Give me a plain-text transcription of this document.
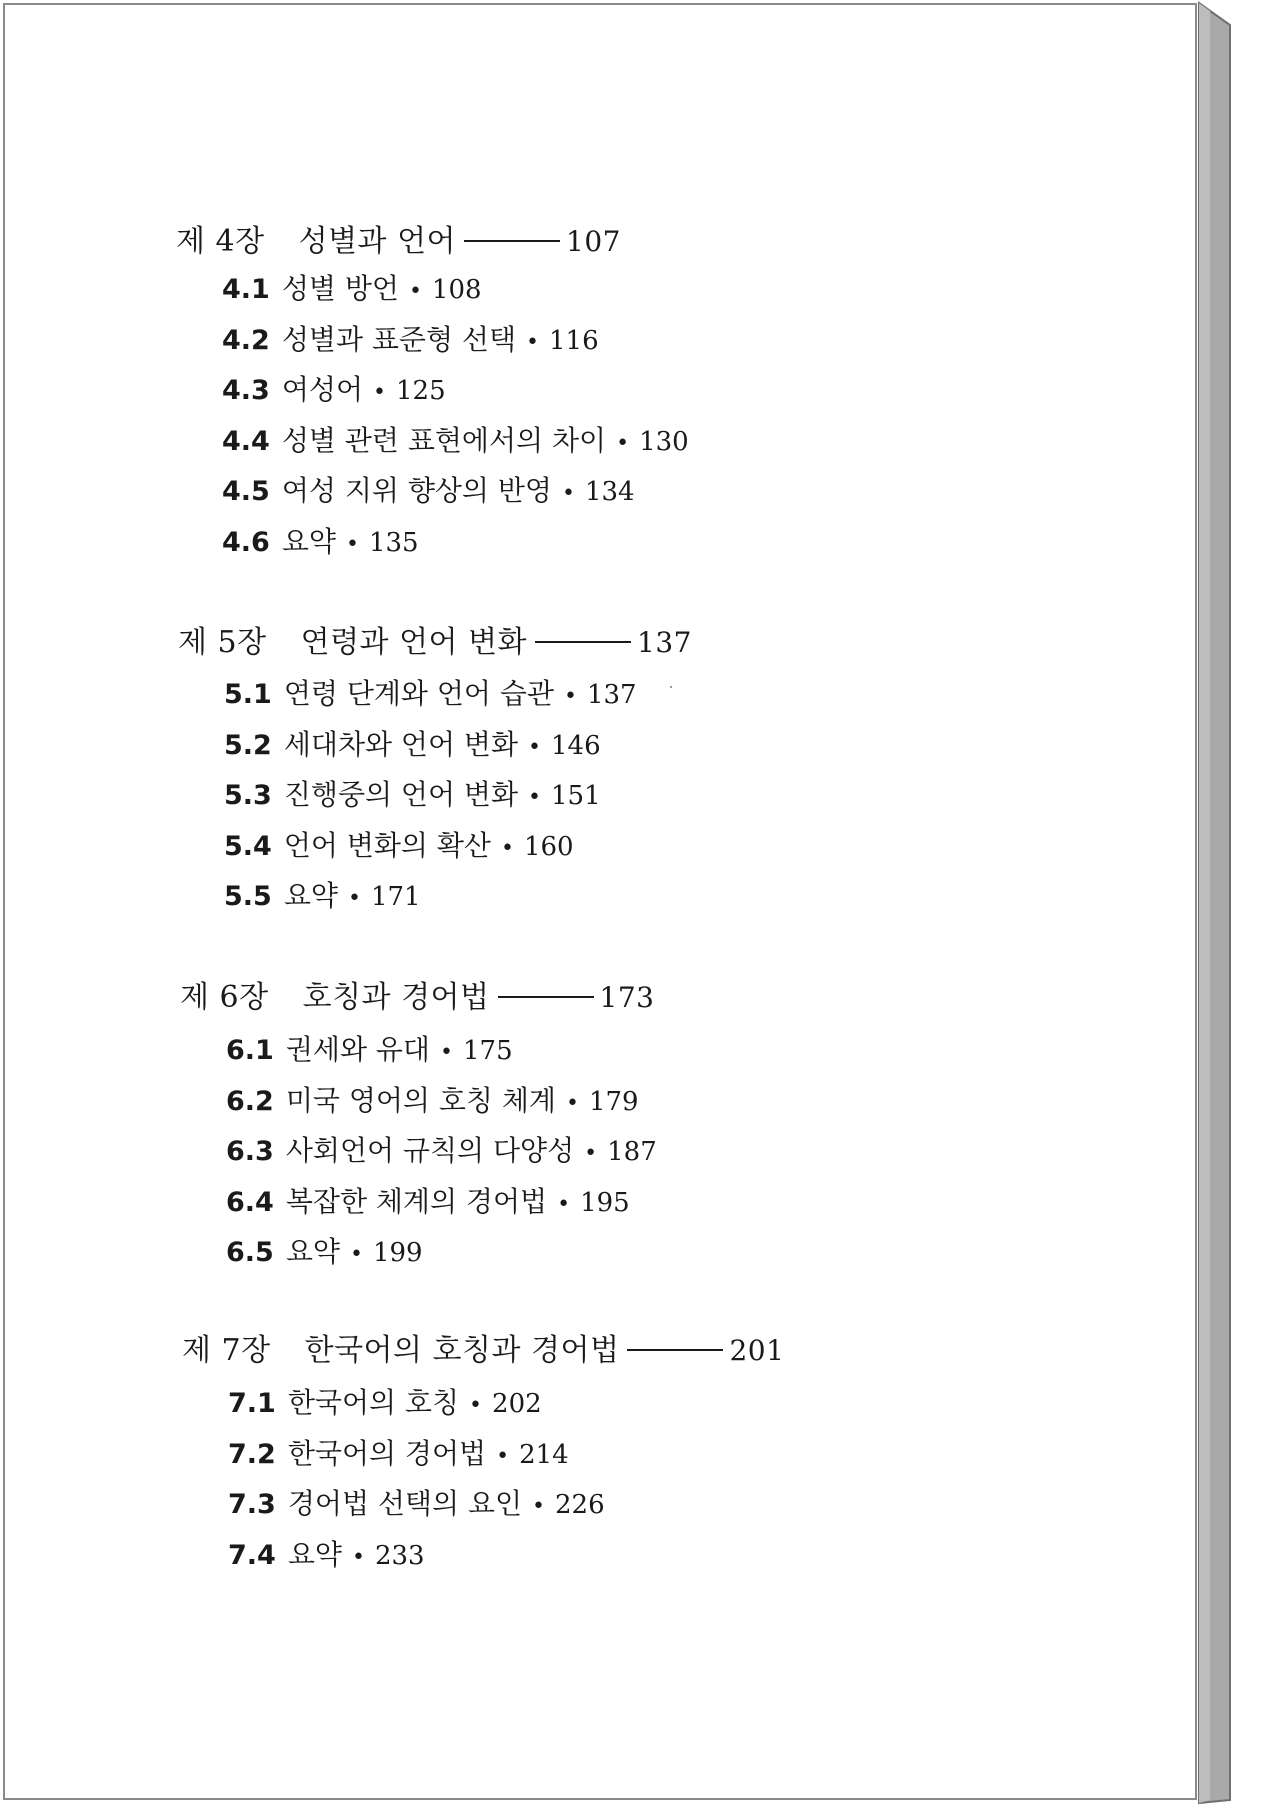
제 4장 성별과 언어	107
4.1 성별 방언 • 108
4.2 성별과 표준형 선택 • 116
4.3 여성어 • 125
4.4 성별 관련 표현에서의 차이 • 130
4.5 여성 지위 향상의 반영 • 134
4.6 요약 • 135
제 5장 연령과 언어 변화	137
5.1 연령 단계와 언어 습관 • 137
5.2 세대차와 언어 변화 • 146
5.3 진행중의 언어 변화 • 151
5.4 언어 변화의 확산 • 160
5.5 요약 • 171
제 6장 호칭과 경어법	173
6.1 권세와 유대 • 175
6.2 미국 영어의 호칭 체계 • 179
6.3 사회언어 규칙의 다양성 • 187
6.4 복잡한 체계의 경어법 • 195
6.5 요약 • 199
제 7장 한국어의 호칭과 경어법	201
7.1 한국어의 호칭 • 202
7.2 한국어의 경어법 • 214
7.3 경어법 선택의 요인 • 226
7.4 요약 • 233
